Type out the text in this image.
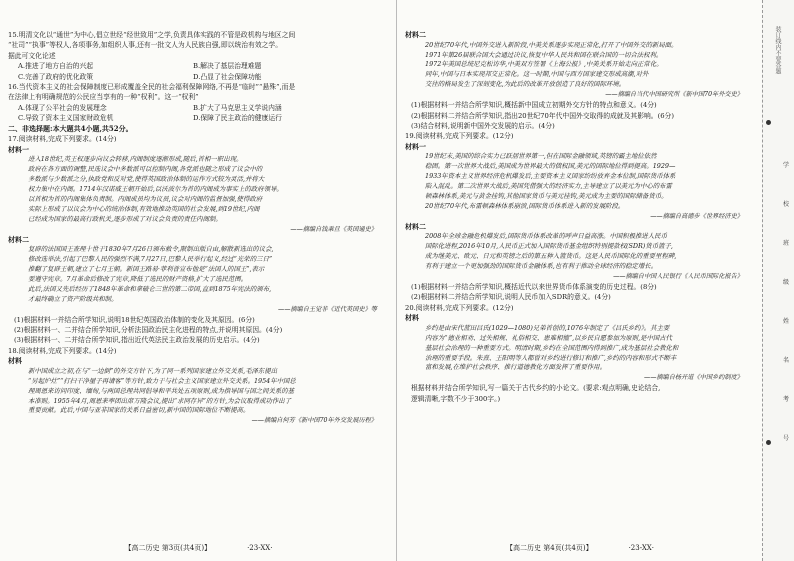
15.明清文化以“通世”为中心,倡立世经“经世致用”之学,负责具体实践的不管是政机构与地区之间
“社司”“执事”等权人,各项事务,如组织人事,还有一批文人为人民族自强,即以统治有效之学。
据此可文化论述
A.推进了地方自治的兴起	B.解决了基层治理难题
C.完善了政府的优化政策	D.凸显了社会保障功能
16.当代资本主义的社会保障制度已形成覆盖全民的社会福利保障网络,不再是“临时”“悬殊”,而是
在法律上有明确规范的公民应当享有的一种“权利”。这一“权利”
A.体现了公平社会的发展理念	B.扩大了马克思主义学说内涵
C.导致了资本主义国家财政危机	D.保障了民主政治的健康运行
二、非选择题:本大题共4小题,共52分。
17.阅读材料,完成下列要求。(14分)
材料一
进入18世纪,英王权逐步向议会转移,内阁制度逐渐形成,随后,首相一职出现。
政府在各方面的调整,民选议会中多数派可以控制内阁,各党派也随之形成了议会中的
多数派与少数派之分,执政党和反对党,使得英国政治体制的运作方式较为灵活,并将大
权力集中在内阁。1714年汉诺威王朝开始后,以沃波尔为首的内阁成为事实上的政府领导。
以首相为首的内阁集体负责制。内阁成员均为议员,议会对内阁的监督加强,使得政府
实际上形成了以议会为中心的统治体制,有效地推动英国的社会发展,到19世纪,内阁
已经成为国家的最高行政机关,逐步形成了对议会负责的责任内阁制。
——摘编自钱乘旦《英国通史》
材料二
复辟的法国国王查理十世于1830年7月26日颁布敕令,限制出版自由,解散新选出的议会,
修改选举法,引起了巴黎人民的强烈不满,7月27日,巴黎人民举行起义,经过“光荣的三日”
推翻了复辟王朝,建立了七月王朝。新国王路易·菲利普宣布他是“法国人的国王”,表示
要遵守宪章。7月革命后修改了宪章,降低了选民的财产资格,扩大了选民范围。
此后,法国又先后经历了1848年革命和拿破仑三世的第二帝国,直到1875年宪法的颁布,
才最终确立了资产阶级共和制。
——摘编自王觉非《近代英国史》等
(1)根据材料一并结合所学知识,说明18世纪英国政治体制的变化及其原因。(6分)
(2)根据材料一、二并结合所学知识,分析法国政治民主化进程的特点,并说明其原因。(4分)
(3)根据材料一、二并结合所学知识,指出近代英法民主政治发展的历史启示。(4分)
18.阅读材料,完成下列要求。(14分)
材料
新中国成立之初,在与“一边倒”的外交方针下,为了同一系列国家建立外交关系,毛泽东提出
“另起炉灶”“打扫干净屋子再请客”等方针,致力于与社会主义国家建立外交关系。1954年中国总
理周恩来访问印度、缅甸,与两国总理共同倡导和平共处五项原则,成为指导国与国之间关系的基
本准则。1955年4月,周恩来率团出席万隆会议,提出“求同存异”的方针,为会议取得成功作出了
重要贡献。此后,中国与亚非国家的关系日益密切,新中国的国际地位不断提高。
——摘编自何芳《新中国70年外交发展历程》
【高二历史 第3页(共4页)】	·23-XX·
材料二
20世纪70年代,中国外交进入新阶段,中美关系逐步实现正常化,打开了中国外交的新局面。
1971年第26届联合国大会通过决议,恢复中华人民共和国在联合国的一切合法权利。
1972年美国总统尼克松访华,中美双方签署《上海公报》,中美关系开始走向正常化。
同年,中国与日本实现邦交正常化。这一时期,中国与西方国家建交形成高潮,对外
交往的格局发生了深刻变化,为此后的改革开放创造了良好的国际环境。
——摘编自当代中国研究所《新中国70年外交史》
(1)根据材料一并结合所学知识,概括新中国成立初期外交方针的特点和意义。(4分)
(2)根据材料二并结合所学知识,指出20世纪70年代中国外交取得的成就及其影响。(6分)
(3)结合材料,说明新中国外交发展的启示。(4分)
19.阅读材料,完成下列要求。(12分)
材料一
19世纪末,美国的综合实力已跃居世界第一,但在国际金融领域,英镑的霸主地位依然
稳固。第一次世界大战后,美国成为世界最大的债权国,美元的国际地位得到提高。1929—
1933年资本主义世界经济危机爆发后,主要资本主义国家纷纷放弃金本位制,国际货币体系
陷入混乱。第二次世界大战后,美国凭借强大的经济实力,主导建立了以美元为中心的布雷
顿森林体系,美元与黄金挂钩,其他国家货币与美元挂钩,美元成为主要的国际储备货币。
20世纪70年代,布雷顿森林体系崩溃,国际货币体系进入新的发展阶段。
——摘编自高德步《世界经济史》
材料二
2008年全球金融危机爆发后,国际货币体系改革的呼声日益高涨。中国积极推进人民币
国际化进程,2016年10月,人民币正式加入国际货币基金组织特别提款权(SDR)货币篮子,
成为继美元、欧元、日元和英镑之后的第五种入篮货币。这是人民币国际化的重要里程碑,
有利于建立一个更加强劲的国际货币金融体系,也有利于推动全球经济的稳定增长。
——摘编自中国人民银行《人民币国际化报告》
(1)根据材料一并结合所学知识,概括近代以来世界货币体系演变的历史过程。(8分)
(2)根据材料二并结合所学知识,说明人民币加入SDR的意义。(4分)
20.阅读材料,完成下列要求。(12分)
材料
乡约是由宋代蓝田吕氏(1029—1080)兄弟首创的,1076年制定了《吕氏乡约》。其主要
内容为“德业相劝、过失相规、礼俗相交、患难相恤”,以乡民自愿参加为原则,是中国古代
基层社会治理的一种重要方式。明清时期,乡约在全国范围内得到推广,成为基层社会教化和
治理的重要手段。朱熹、王阳明等人都曾对乡约进行修订和推广,乡约的内容和形式不断丰
富和发展,在维护社会秩序、推行道德教化方面发挥了重要作用。
——摘编自杨开道《中国乡约制度》
根据材料并结合所学知识,写一篇关于古代乡约的小论文。(要求:观点明确,史论结合,
逻辑清晰,字数不少于300字。)
【高二历史 第4页(共4页)】	·23-XX·
装订线内不要答题
学
校
班
级
姓
名
考
号
